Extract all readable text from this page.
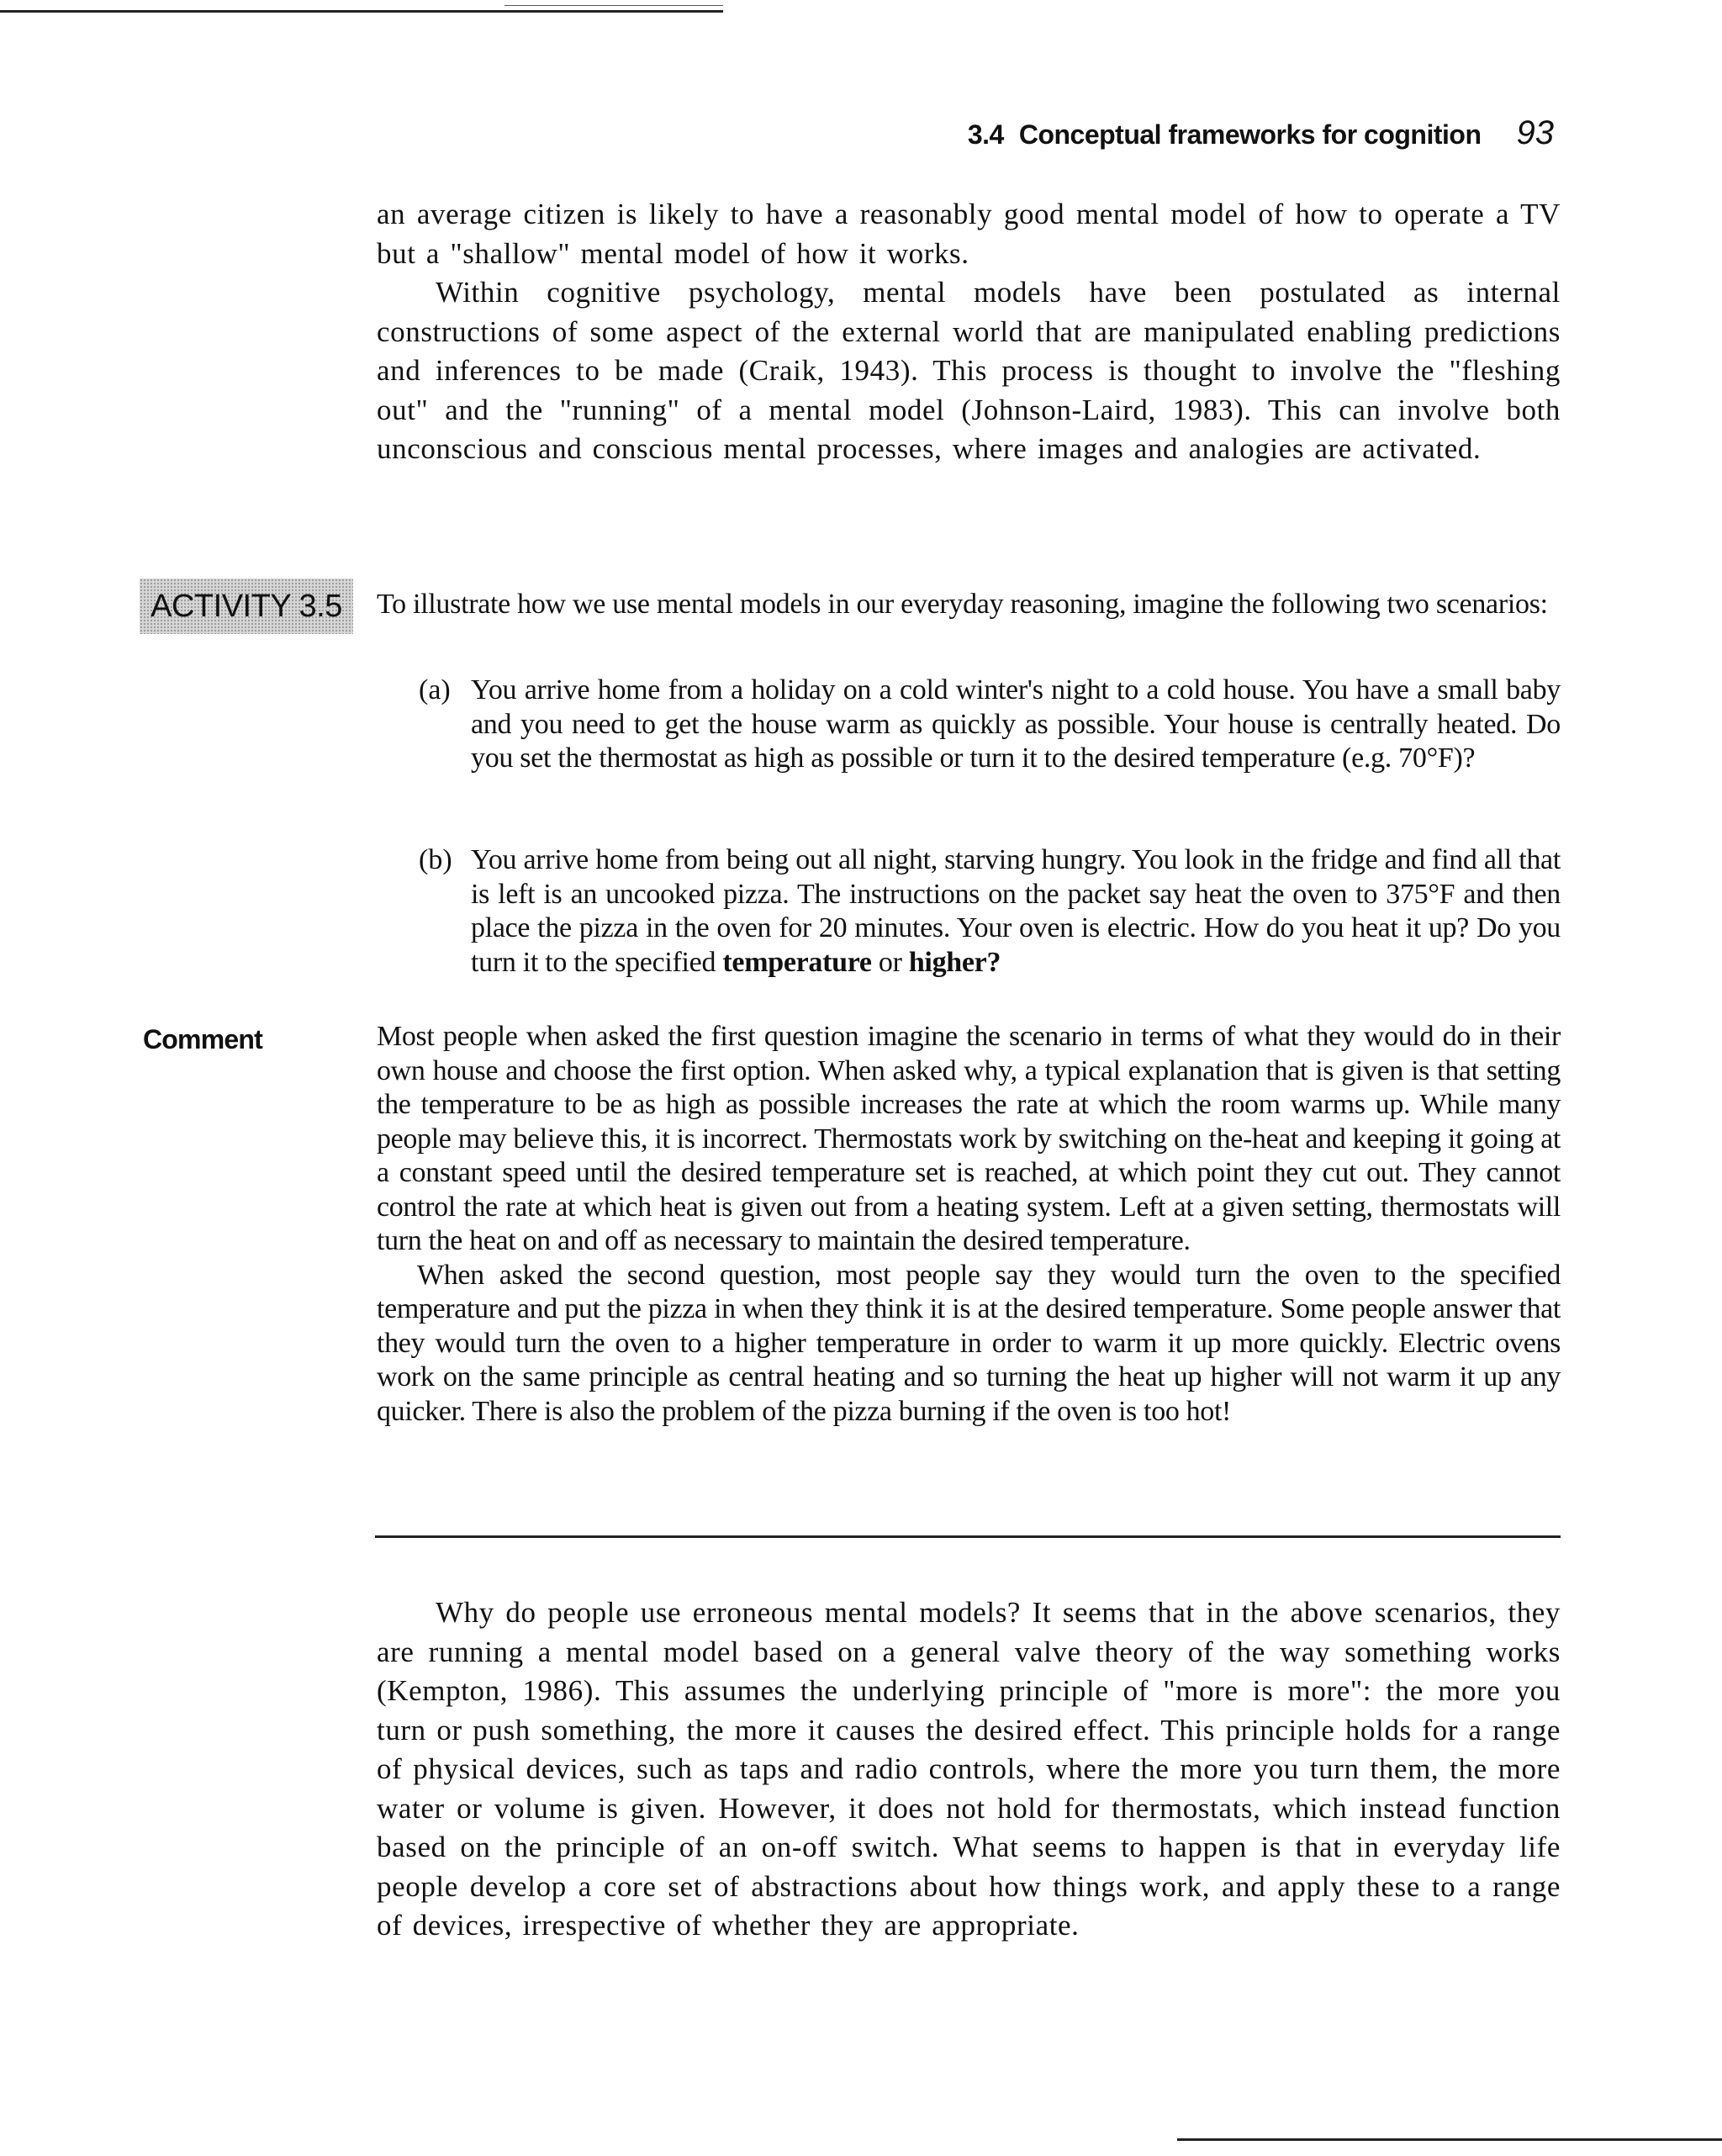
3.4 Conceptual frameworks for cognition 93

an average citizen is likely to have a reasonably good mental model of how to operate a TV but a "shallow" mental model of how it works.

Within cognitive psychology, mental models have been postulated as internal constructions of some aspect of the external world that are manipulated enabling predictions and inferences to be made (Craik, 1943). This process is thought to involve the "fleshing out" and the "running" of a mental model (Johnson-Laird, 1983). This can involve both unconscious and conscious mental processes, where images and analogies are activated.

ACTIVITY 3.5	To illustrate how we use mental models in our everyday reasoning, imagine the following two scenarios:

(a) You arrive home from a holiday on a cold winter's night to a cold house. You have a small baby and you need to get the house warm as quickly as possible. Your house is centrally heated. Do you set the thermostat as high as possible or turn it to the desired temperature (e.g. 70°F)?

(b) You arrive home from being out all night, starving hungry. You look in the fridge and find all that is left is an uncooked pizza. The instructions on the packet say heat the oven to 375°F and then place the pizza in the oven for 20 minutes. Your oven is electric. How do you heat it up? Do you turn it to the specified temperature or higher?

Comment	Most people when asked the first question imagine the scenario in terms of what they would do in their own house and choose the first option. When asked why, a typical explanation that is given is that setting the temperature to be as high as possible increases the rate at which the room warms up. While many people may believe this, it is incorrect. Thermostats work by switching on the-heat and keeping it going at a constant speed until the desired temperature set is reached, at which point they cut out. They cannot control the rate at which heat is given out from a heating system. Left at a given setting, thermostats will turn the heat on and off as necessary to maintain the desired temperature.

When asked the second question, most people say they would turn the oven to the specified temperature and put the pizza in when they think it is at the desired temperature. Some people answer that they would turn the oven to a higher temperature in order to warm it up more quickly. Electric ovens work on the same principle as central heating and so turning the heat up higher will not warm it up any quicker. There is also the problem of the pizza burning if the oven is too hot!

Why do people use erroneous mental models? It seems that in the above scenarios, they are running a mental model based on a general valve theory of the way something works (Kempton, 1986). This assumes the underlying principle of "more is more": the more you turn or push something, the more it causes the desired effect. This principle holds for a range of physical devices, such as taps and radio controls, where the more you turn them, the more water or volume is given. However, it does not hold for thermostats, which instead function based on the principle of an on-off switch. What seems to happen is that in everyday life people develop a core set of abstractions about how things work, and apply these to a range of devices, irrespective of whether they are appropriate.
